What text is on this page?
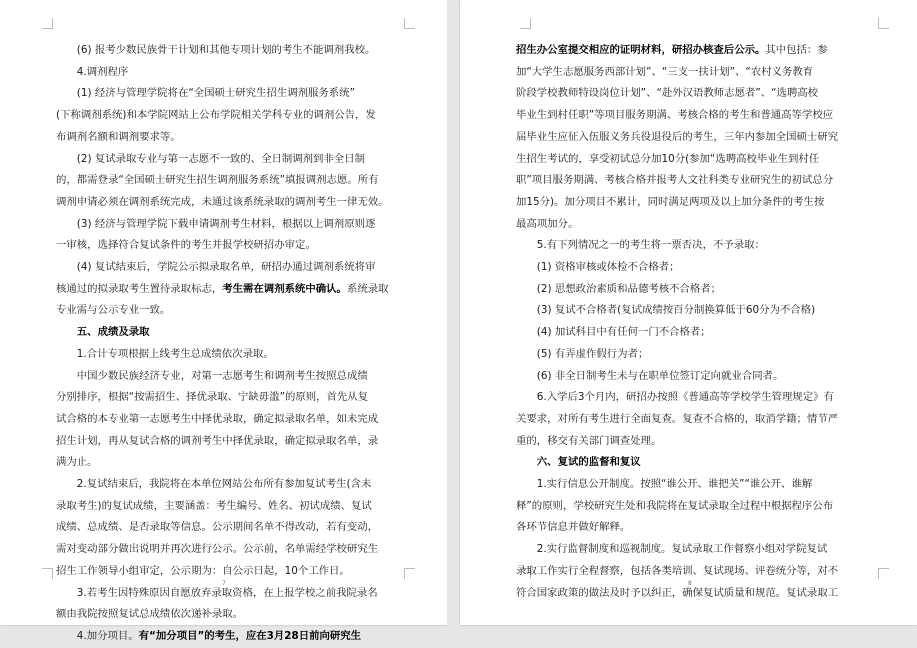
(6) 报考少数民族骨干计划和其他专项计划的考生不能调剂我校。

4.调剂程序

(1) 经济与管理学院将在“全国硕士研究生招生调剂服务系统”
(下称调剂系统)和本学院网站上公布学院相关学科专业的调剂公告，发
布调剂名额和调剂要求等。

(2) 复试录取专业与第一志愿不一致的、全日制调剂到非全日制
的，都需登录“全国硕士研究生招生调剂服务系统”填报调剂志愿。所有
调剂申请必须在调剂系统完成，未通过该系统录取的调剂考生一律无效。

(3) 经济与管理学院下载申请调剂考生材料，根据以上调剂原则逐
一审核，选择符合复试条件的考生并报学校研招办审定。

(4) 复试结束后，学院公示拟录取名单，研招办通过调剂系统将审
核通过的拟录取考生置待录取标志，考生需在调剂系统中确认。系统录取
专业需与公示专业一致。

五、成绩及录取

1.合计专项根据上线考生总成绩依次录取。

中国少数民族经济专业，对第一志愿考生和调剂考生按照总成绩
分别排序，根据“按需招生、择优录取、宁缺毋滥”的原则，首先从复
试合格的本专业第一志愿考生中择优录取，确定拟录取名单，如未完成
招生计划，再从复试合格的调剂考生中择优录取，确定拟录取名单，录
满为止。

2.复试结束后，我院将在本单位网站公布所有参加复试考生(含未
录取考生)的复试成绩，主要涵盖：考生编号、姓名、初试成绩、复试
成绩、总成绩、是否录取等信息。公示期间名单不得改动，若有变动，
需对变动部分做出说明并再次进行公示。公示前，名单需经学校研究生
招生工作领导小组审定，公示期为：自公示日起，10个工作日。

3.若考生因特殊原因自愿放弃录取资格，在上报学校之前我院录名
额由我院按照复试总成绩依次递补录取。

4.加分项目。有“加分项目”的考生，应在3月28日前向研究生

7

招生办公室提交相应的证明材料，研招办核查后公示。其中包括：参
加“大学生志愿服务西部计划”、“三支一扶计划”、“农村义务教育
阶段学校教师特设岗位计划”、“赴外汉语教师志愿者”、“选聘高校
毕业生到村任职”等项目服务期满、考核合格的考生和普通高等学校应
届毕业生应征入伍服义务兵役退役后的考生，三年内参加全国硕士研究
生招生考试的，享受初试总分加10分(参加“选聘高校毕业生到村任
职”项目服务期满、考核合格并报考人文社科类专业研究生的初试总分
加15分)。加分项目不累计，同时满足两项及以上加分条件的考生按
最高项加分。

5.有下列情况之一的考生将一票否决，不予录取：

(1) 资格审核或体检不合格者；

(2) 思想政治素质和品德考核不合格者；

(3) 复试不合格者(复试成绩按百分制换算低于60分为不合格)

(4) 加试科目中有任何一门不合格者；

(5) 有弄虚作假行为者；

(6) 非全日制考生未与在职单位签订定向就业合同者。

6.入学后3个月内，研招办按照《普通高等学校学生管理规定》有
关要求，对所有考生进行全面复查。复查不合格的，取消学籍；情节严
重的，移交有关部门调查处理。

六、复试的监督和复议

1.实行信息公开制度。按照“谁公开、谁把关”“谁公开、谁解
释”的原则，学校研究生处和我院将在复试录取全过程中根据程序公布
各环节信息并做好解释。

2.实行监督制度和巡视制度。复试录取工作督察小组对学院复试
录取工作实行全程督察，包括各类培训、复试现场、评卷统分等，对不
符合国家政策的做法及时予以纠正，确保复试质量和规范。复试录取工

8
